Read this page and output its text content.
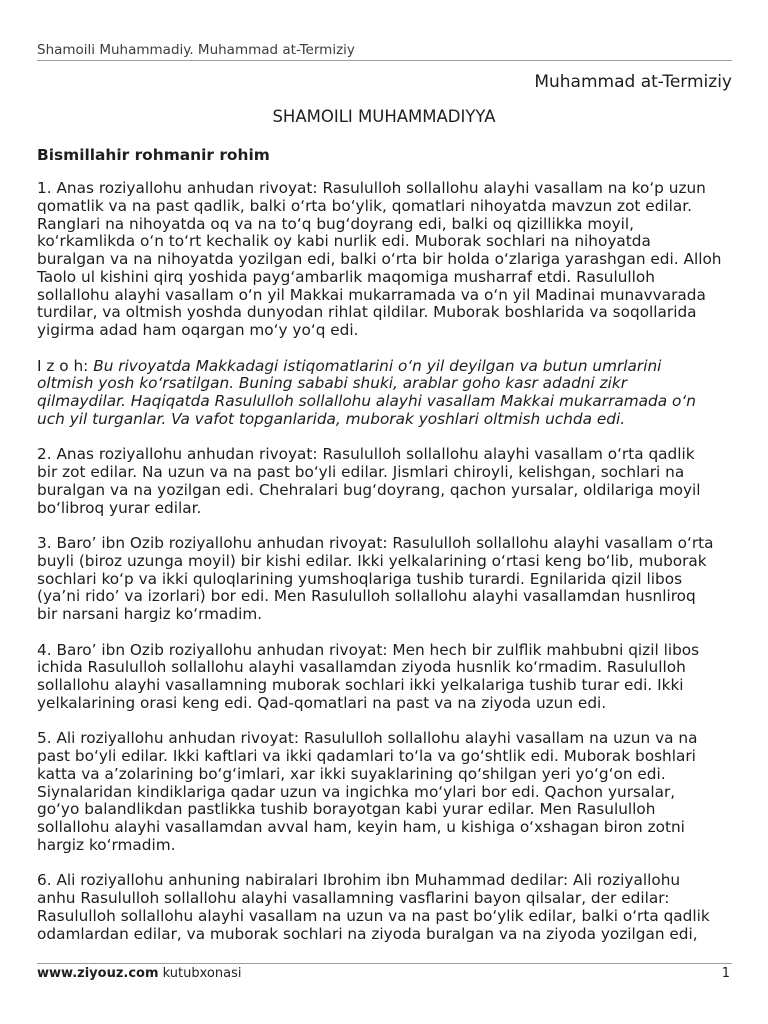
Shamoili Muhammadiy. Muhammad at-Termiziy
Muhammad at-Termiziy
SHAMOILI MUHAMMADIYYA
Bismillahir rohmanir rohim
1. Anas roziyallohu anhudan rivoyat: Rasululloh sollallohu alayhi vasallam na ko‘p uzun
qomatlik va na past qadlik, balki o‘rta bo‘ylik, qomatlari nihoyatda mavzun zot edilar.
Ranglari na nihoyatda oq va na to‘q bug‘doyrang edi, balki oq qizillikka moyil,
ko‘rkamlikda o‘n to‘rt kechalik oy kabi nurlik edi. Muborak sochlari na nihoyatda
buralgan va na nihoyatda yozilgan edi, balki o‘rta bir holda o‘zlariga yarashgan edi. Alloh
Taolo ul kishini qirq yoshida payg‘ambarlik maqomiga musharraf etdi. Rasululloh
sollallohu alayhi vasallam o‘n yil Makkai mukarramada va o‘n yil Madinai munavvarada
turdilar, va oltmish yoshda dunyodan rihlat qildilar. Muborak boshlarida va soqollarida
yigirma adad ham oqargan mo‘y yo‘q edi.
I z o h: Bu rivoyatda Makkadagi istiqomatlarini o‘n yil deyilgan va butun umrlarini
oltmish yosh ko‘rsatilgan. Buning sababi shuki, arablar goho kasr adadni zikr
qilmaydilar. Haqiqatda Rasululloh sollallohu alayhi vasallam Makkai mukarramada o‘n
uch yil turganlar. Va vafot topganlarida, muborak yoshlari oltmish uchda edi.
2. Anas roziyallohu anhudan rivoyat: Rasululloh sollallohu alayhi vasallam o‘rta qadlik
bir zot edilar. Na uzun va na past bo‘yli edilar. Jismlari chiroyli, kelishgan, sochlari na
buralgan va na yozilgan edi. Chehralari bug‘doyrang, qachon yursalar, oldilariga moyil
bo‘libroq yurar edilar.
3. Baro’ ibn Ozib roziyallohu anhudan rivoyat: Rasululloh sollallohu alayhi vasallam o‘rta
buyli (biroz uzunga moyil) bir kishi edilar. Ikki yelkalarining o‘rtasi keng bo‘lib, muborak
sochlari ko‘p va ikki quloqlarining yumshoqlariga tushib turardi. Egnilarida qizil libos
(ya’ni rido’ va izorlari) bor edi. Men Rasululloh sollallohu alayhi vasallamdan husnliroq
bir narsani hargiz ko‘rmadim.
4. Baro’ ibn Ozib roziyallohu anhudan rivoyat: Men hech bir zulflik mahbubni qizil libos
ichida Rasululloh sollallohu alayhi vasallamdan ziyoda husnlik ko‘rmadim. Rasululloh
sollallohu alayhi vasallamning muborak sochlari ikki yelkalariga tushib turar edi. Ikki
yelkalarining orasi keng edi. Qad-qomatlari na past va na ziyoda uzun edi.
5. Ali roziyallohu anhudan rivoyat: Rasululloh sollallohu alayhi vasallam na uzun va na
past bo‘yli edilar. Ikki kaftlari va ikki qadamlari to‘la va go‘shtlik edi. Muborak boshlari
katta va a’zolarining bo‘g‘imlari, xar ikki suyaklarining qo‘shilgan yeri yo‘g‘on edi.
Siynalaridan kindiklariga qadar uzun va ingichka mo‘ylari bor edi. Qachon yursalar,
go‘yo balandlikdan pastlikka tushib borayotgan kabi yurar edilar. Men Rasululloh
sollallohu alayhi vasallamdan avval ham, keyin ham, u kishiga o‘xshagan biron zotni
hargiz ko‘rmadim.
6. Ali roziyallohu anhuning nabiralari Ibrohim ibn Muhammad dedilar: Ali roziyallohu
anhu Rasululloh sollallohu alayhi vasallamning vasflarini bayon qilsalar, der edilar:
Rasululloh sollallohu alayhi vasallam na uzun va na past bo‘ylik edilar, balki o‘rta qadlik
odamlardan edilar, va muborak sochlari na ziyoda buralgan va na ziyoda yozilgan edi,
www.ziyouz.com kutubxonasi	1
